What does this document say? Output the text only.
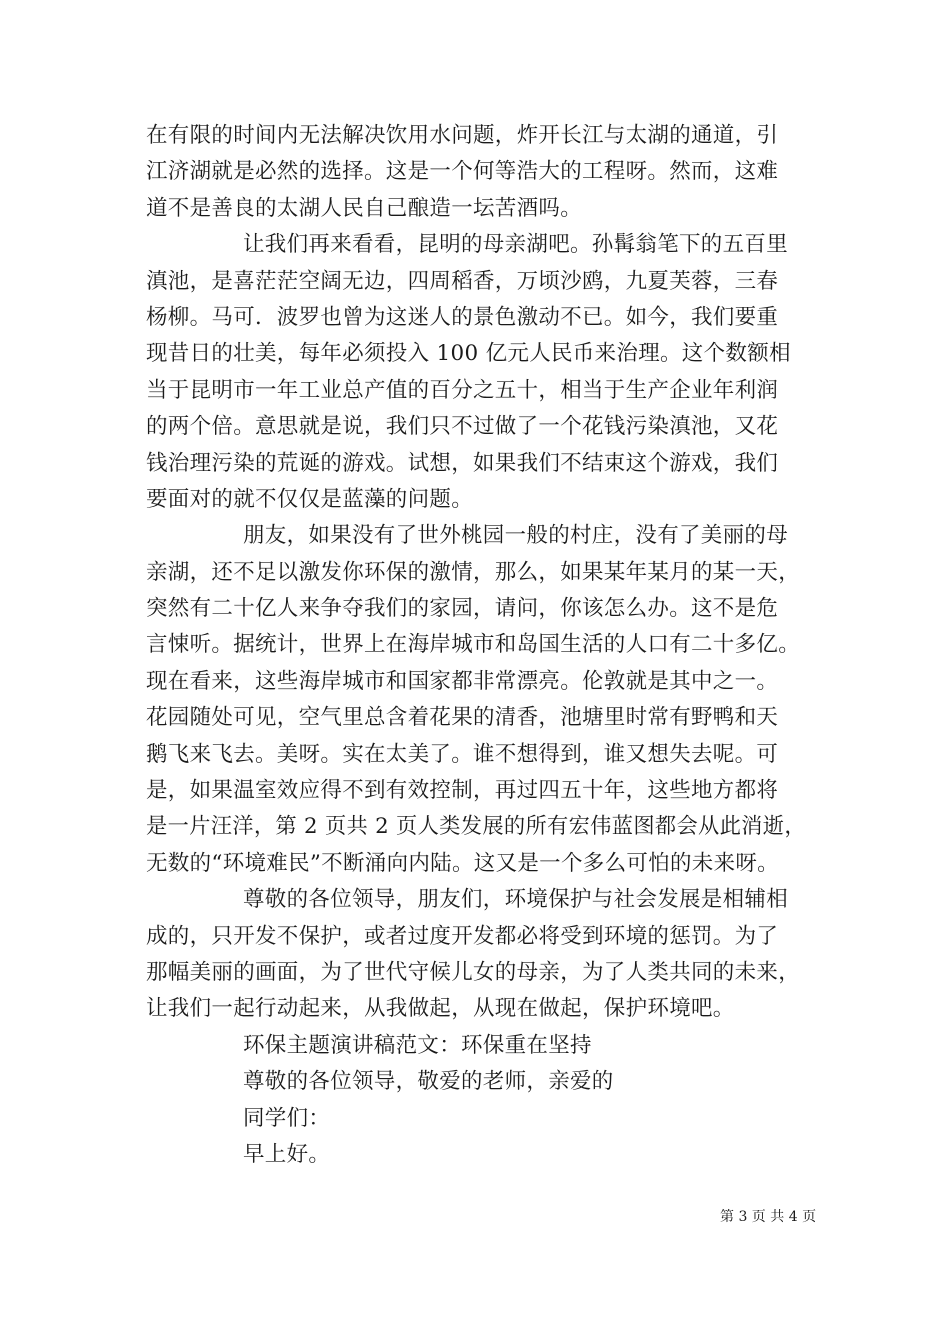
在有限的时间内无法解决饮用水问题，炸开长江与太湖的通道，引
江济湖就是必然的选择。这是一个何等浩大的工程呀。然而，这难
道不是善良的太湖人民自己酿造一坛苦酒吗。
让我们再来看看，昆明的母亲湖吧。孙髯翁笔下的五百里
滇池，是喜茫茫空阔无边，四周稻香，万顷沙鸥，九夏芙蓉，三春
杨柳。马可．波罗也曾为这迷人的景色激动不已。如今，我们要重
现昔日的壮美，每年必须投入 100 亿元人民币来治理。这个数额相
当于昆明市一年工业总产值的百分之五十，相当于生产企业年利润
的两个倍。意思就是说，我们只不过做了一个花钱污染滇池，又花
钱治理污染的荒诞的游戏。试想，如果我们不结束这个游戏，我们
要面对的就不仅仅是蓝藻的问题。
朋友，如果没有了世外桃园一般的村庄，没有了美丽的母
亲湖，还不足以激发你环保的激情，那么，如果某年某月的某一天，
突然有二十亿人来争夺我们的家园，请问，你该怎么办。这不是危
言悚听。据统计，世界上在海岸城市和岛国生活的人口有二十多亿。
现在看来，这些海岸城市和国家都非常漂亮。伦敦就是其中之一。
花园随处可见，空气里总含着花果的清香，池塘里时常有野鸭和天
鹅飞来飞去。美呀。实在太美了。谁不想得到，谁又想失去呢。可
是，如果温室效应得不到有效控制，再过四五十年，这些地方都将
是一片汪洋，第 2 页共 2 页人类发展的所有宏伟蓝图都会从此消逝，
无数的“环境难民”不断涌向内陆。这又是一个多么可怕的未来呀。
尊敬的各位领导，朋友们，环境保护与社会发展是相辅相
成的，只开发不保护，或者过度开发都必将受到环境的惩罚。为了
那幅美丽的画面，为了世代守候儿女的母亲，为了人类共同的未来，
让我们一起行动起来，从我做起，从现在做起，保护环境吧。
环保主题演讲稿范文：环保重在坚持
尊敬的各位领导，敬爱的老师，亲爱的
同学们：
早上好。
第 3 页 共 4 页
